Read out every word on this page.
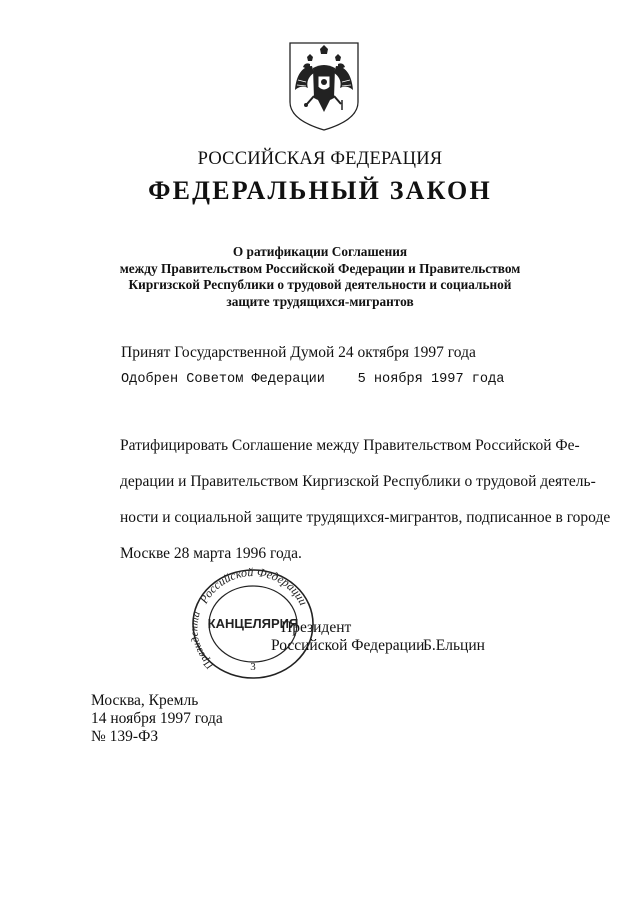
РОССИЙСКАЯ ФЕДЕРАЦИЯ
ФЕДЕРАЛЬНЫЙ ЗАКОН
О ратификации Соглашения
между Правительством Российской Федерации и Правительством
Киргизской Республики о трудовой деятельности и социальной
защите трудящихся-мигрантов
Принят Государственной Думой 24 октября 1997 года
Одобрен Советом Федерации    5 ноября 1997 года
Ратифицировать Соглашение между Правительством Российской Фе-
дерации и Правительством Киргизской Республики о трудовой деятель-
ности и социальной защите трудящихся-мигрантов, подписанное в городе
Москве 28 марта 1996 года.
Президент
Российской Федерации
Б.Ельцин
Российской Федерации
Президента
КАНЦЕЛЯРИЯ
3
Москва, Кремль
14 ноября 1997 года
№ 139-ФЗ
